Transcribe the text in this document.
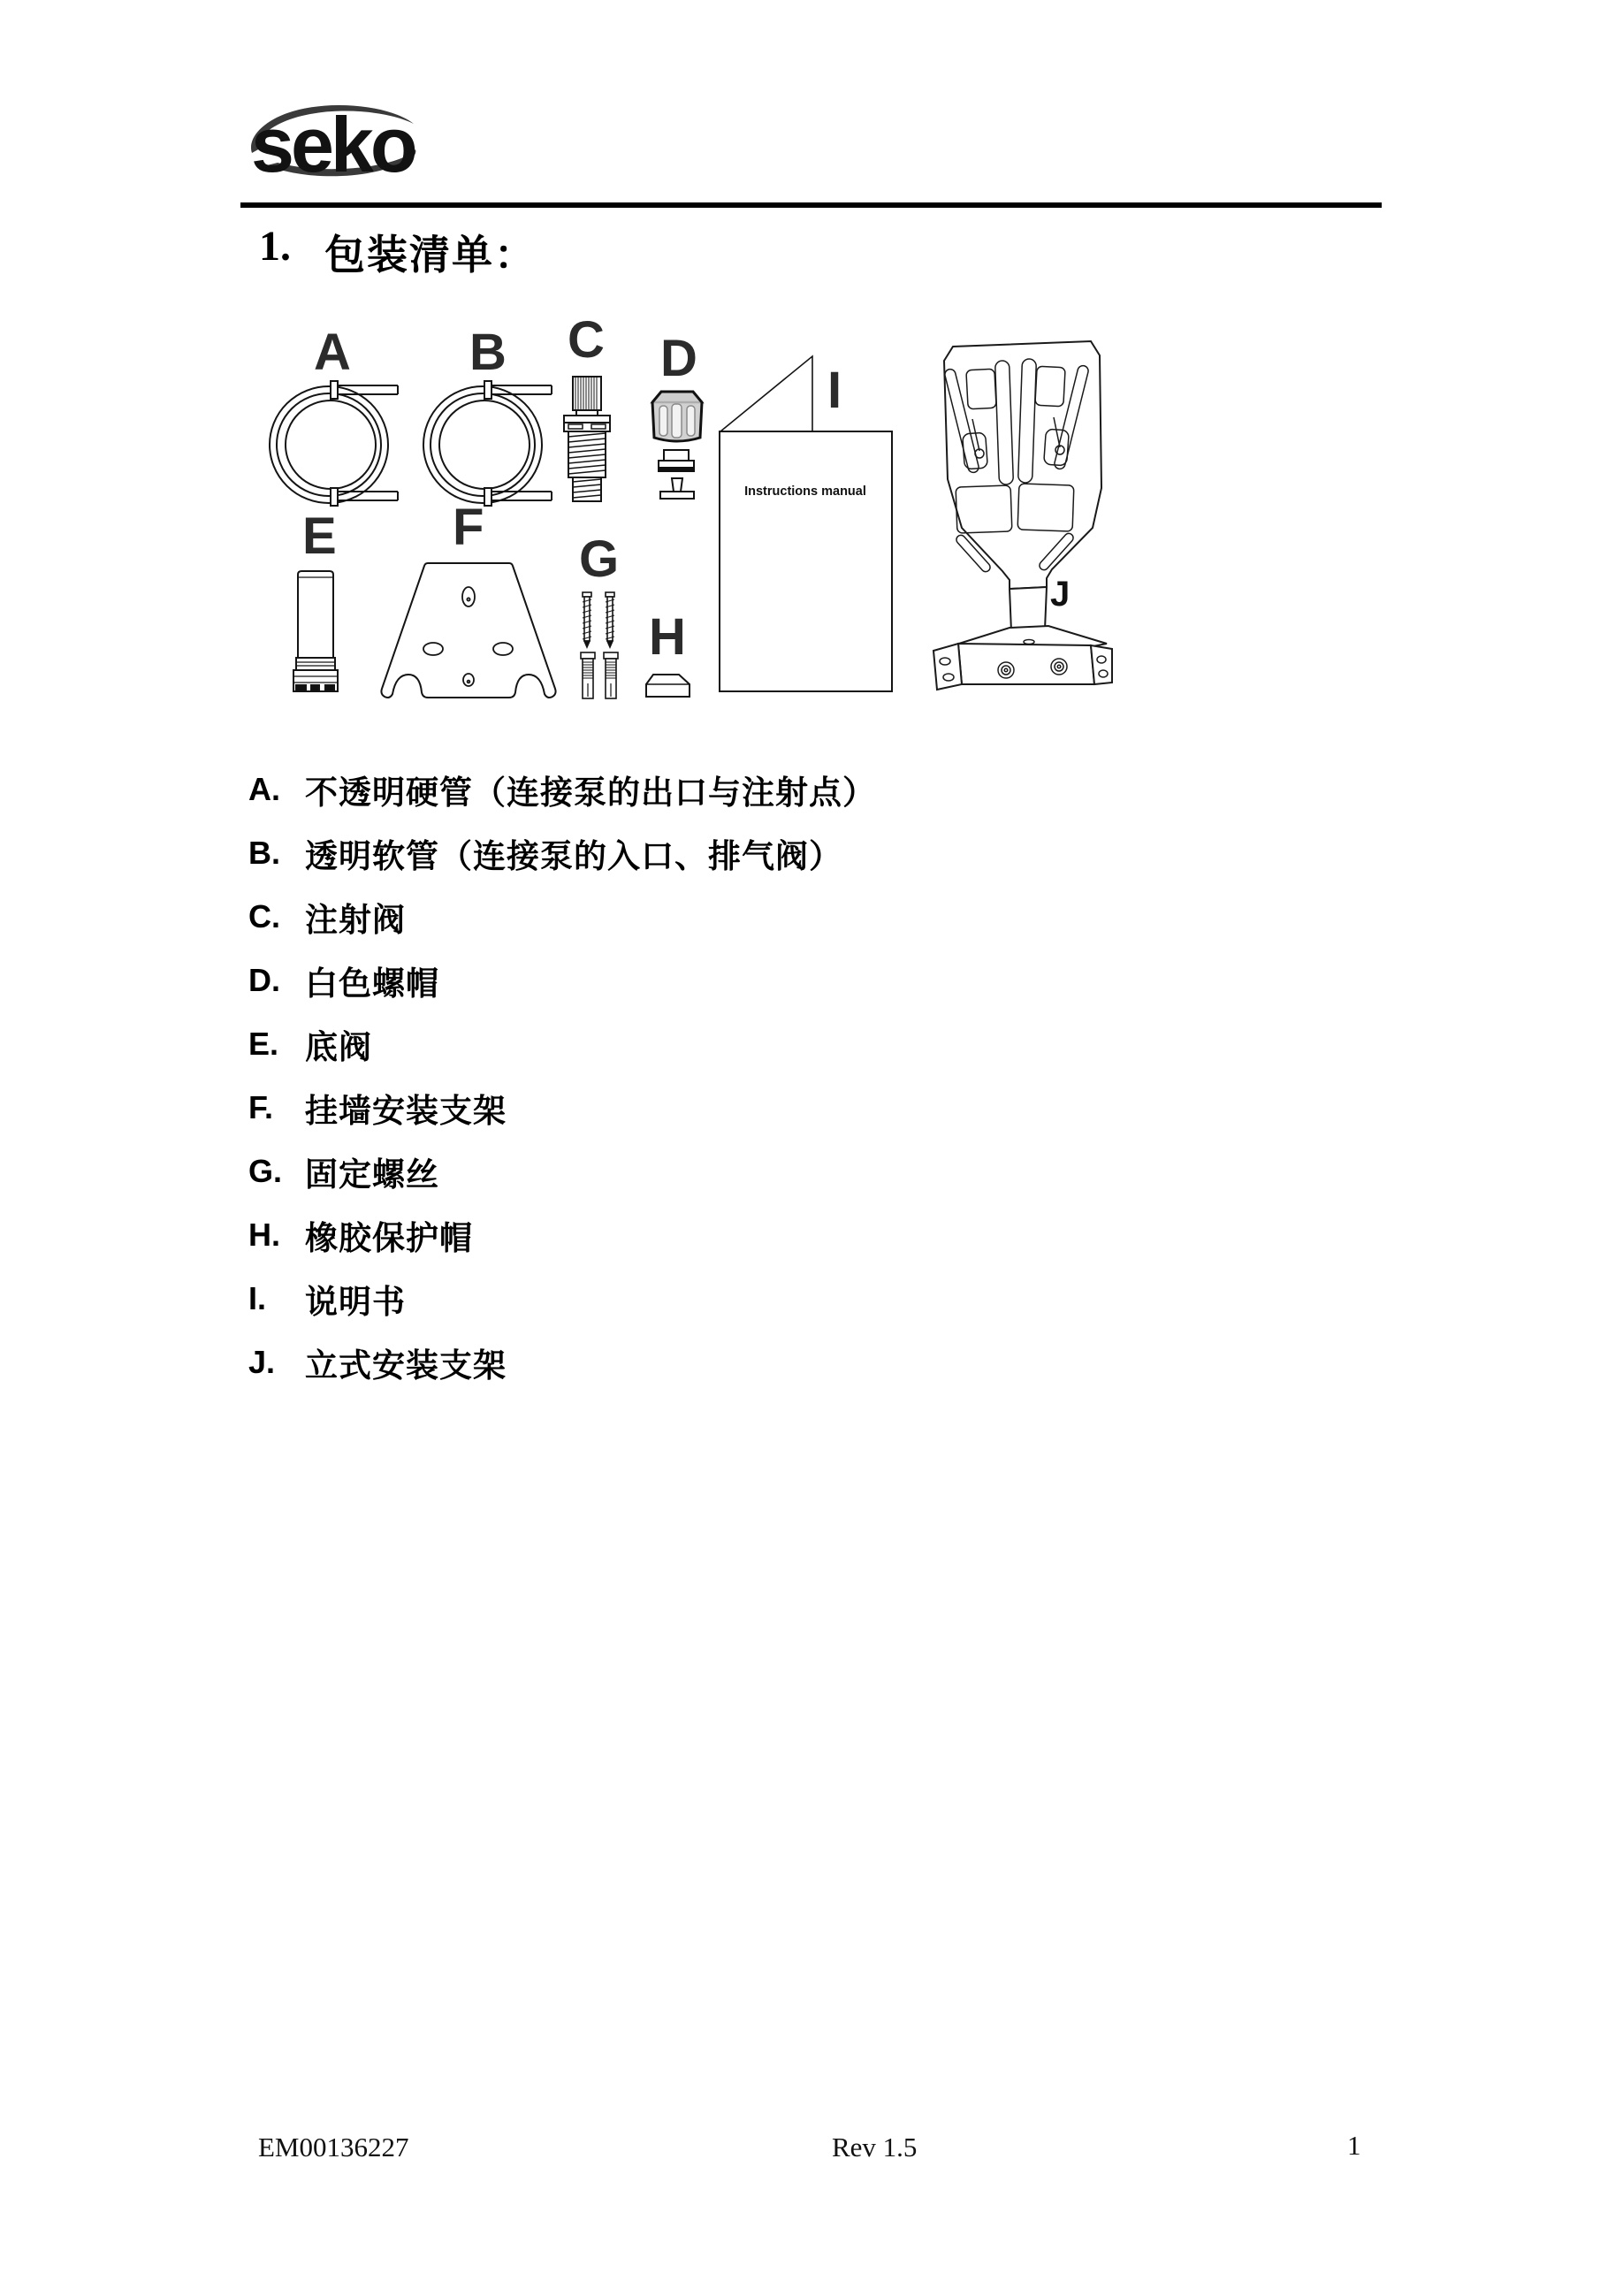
seko
1. 包装清单：
A B C D
E F
G
H
I
J
Instructions manual
A. 不透明硬管（连接泵的出口与注射点）
B. 透明软管（连接泵的入口、排气阀）
C. 注射阀
D. 白色螺帽
E. 底阀
F. 挂墙安装支架
G. 固定螺丝
H. 橡胶保护帽
I.	说明书
J. 立式安装支架
EM00136227	Rev 1.5	1
